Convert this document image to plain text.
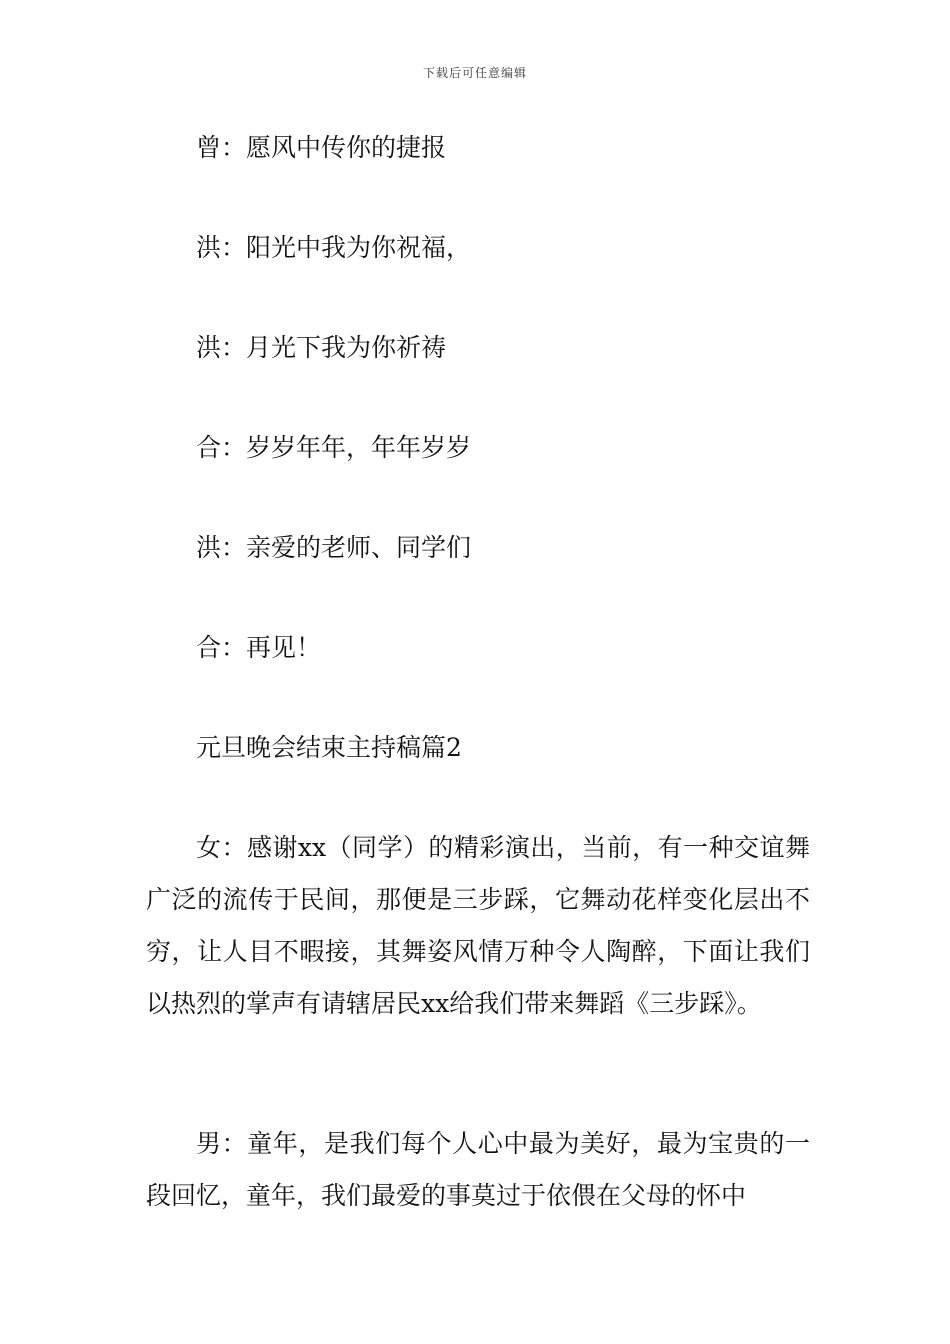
下载后可任意编辑
曾：愿风中传你的捷报
洪：阳光中我为你祝福，
洪：月光下我为你祈祷
合：岁岁年年，年年岁岁
洪：亲爱的老师、同学们
合：再见！
元旦晚会结束主持稿篇2
女：感谢xx（同学）的精彩演出，当前，有一种交谊舞广泛的流传于民间，那便是三步踩，它舞动花样变化层出不穷，让人目不暇接，其舞姿风情万种令人陶醉，下面让我们以热烈的掌声有请辖居民xx给我们带来舞蹈《三步踩》。
男：童年，是我们每个人心中最为美好，最为宝贵的一段回忆，童年，我们最爱的事莫过于依偎在父母的怀中
